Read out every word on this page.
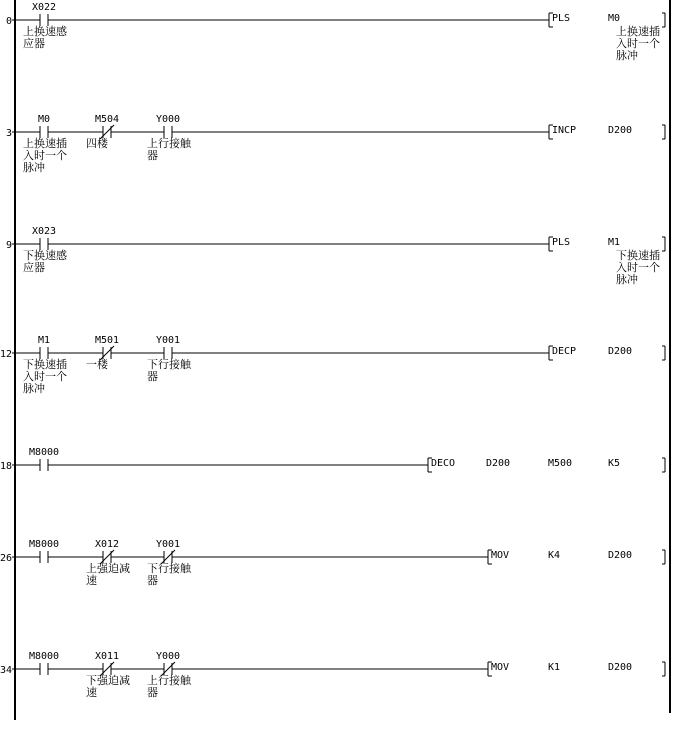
0
X022
上换速感
应器
PLS	M0
上换速插
入时一个
脉冲
3
M0
上换速插
入时一个
脉冲
M504
四楼
Y000
上行接触
器
INCP	D200
9
X023
下换速感
应器
PLS	M1
下换速插
入时一个
脉冲
12
M1
下换速插
入时一个
脉冲
M501
一楼
Y001
下行接触
器
DECP	D200
18
M8000
DECO	D200	M500	K5
26
M8000	X012
上强迫减
速
Y001
下行接触
器
MOV	K4	D200
34
M8000	X011
下强迫减
速
Y000
上行接触
器
MOV	K1	D200
